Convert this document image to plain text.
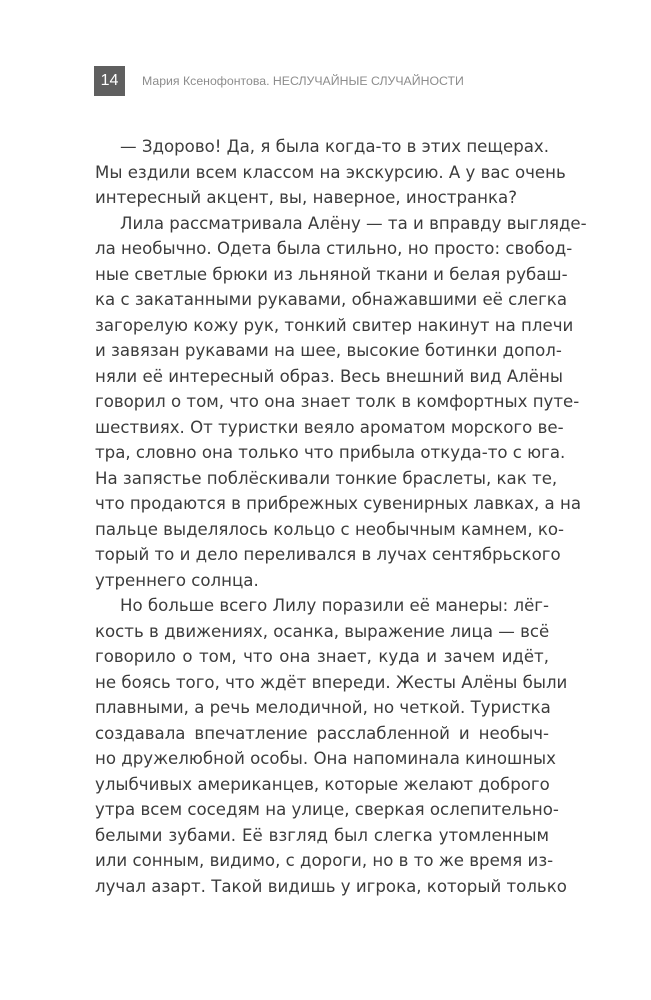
14	Мария Ксенофонтова. НЕСЛУЧАЙНЫЕ СЛУЧАЙНОСТИ
— Здорово! Да, я была когда-то в этих пещерах.
Мы ездили всем классом на экскурсию. А у вас очень
интересный акцент, вы, наверное, иностранка?
Лила рассматривала Алёну — та и вправду выгляде-
ла необычно. Одета была стильно, но просто: свобод-
ные светлые брюки из льняной ткани и белая рубаш-
ка с закатанными рукавами, обнажавшими её слегка
загорелую кожу рук, тонкий свитер накинут на плечи
и завязан рукавами на шее, высокие ботинки допол-
няли её интересный образ. Весь внешний вид Алёны
говорил о том, что она знает толк в комфортных путе-
шествиях. От туристки веяло ароматом морского ве-
тра, словно она только что прибыла откуда-то с юга.
На запястье поблёскивали тонкие браслеты, как те,
что продаются в прибрежных сувенирных лавках, а на
пальце выделялось кольцо с необычным камнем, ко-
торый то и дело переливался в лучах сентябрьского
утреннего солнца.
Но больше всего Лилу поразили её манеры: лёг-
кость в движениях, осанка, выражение лица — всё
говорило о том, что она знает, куда и зачем идёт,
не боясь того, что ждёт впереди. Жесты Алёны были
плавными, а речь мелодичной, но четкой. Туристка
создавала впечатление расслабленной и необыч-
но дружелюбной особы. Она напоминала киношных
улыбчивых американцев, которые желают доброго
утра всем соседям на улице, сверкая ослепительно-
белыми зубами. Её взгляд был слегка утомленным
или сонным, видимо, с дороги, но в то же время из-
лучал азарт. Такой видишь у игрока, который только
